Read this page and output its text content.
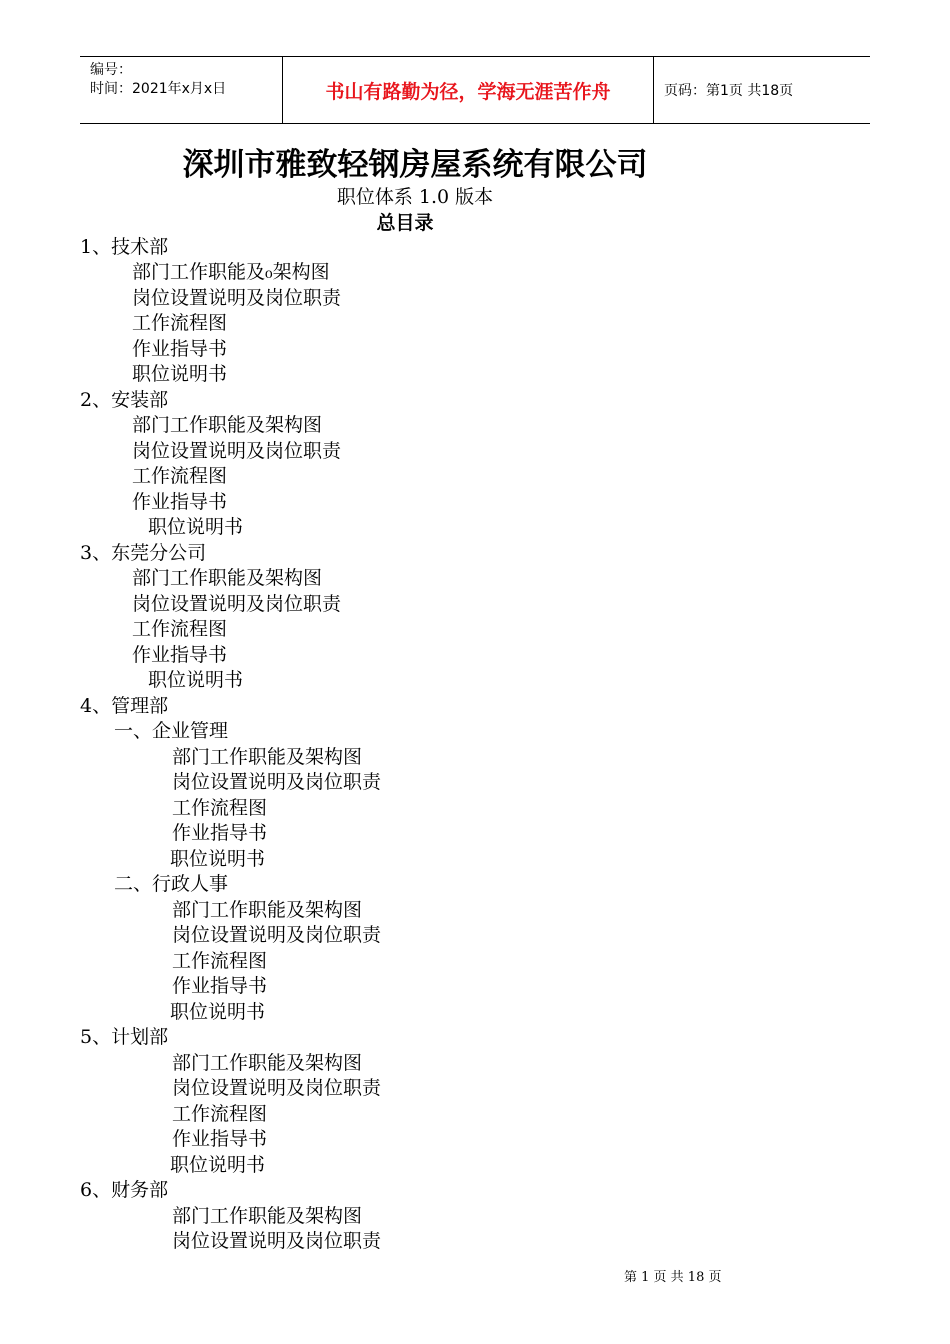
编号：
时间：2021年x月x日	书山有路勤为径，学海无涯苦作舟	页码：第1页 共18页
深圳市雅致轻钢房屋系统有限公司
职位体系 1.0 版本
总目录
1、技术部
部门工作职能及₀架构图
岗位设置说明及岗位职责
工作流程图
作业指导书
职位说明书
2、安装部
部门工作职能及架构图
岗位设置说明及岗位职责
工作流程图
作业指导书
职位说明书
3、东莞分公司
部门工作职能及架构图
岗位设置说明及岗位职责
工作流程图
作业指导书
职位说明书
4、管理部
一、企业管理
部门工作职能及架构图
岗位设置说明及岗位职责
工作流程图
作业指导书
职位说明书
二、行政人事
部门工作职能及架构图
岗位设置说明及岗位职责
工作流程图
作业指导书
职位说明书
5、计划部
部门工作职能及架构图
岗位设置说明及岗位职责
工作流程图
作业指导书
职位说明书
6、财务部
部门工作职能及架构图
岗位设置说明及岗位职责
第 1 页 共 18 页
